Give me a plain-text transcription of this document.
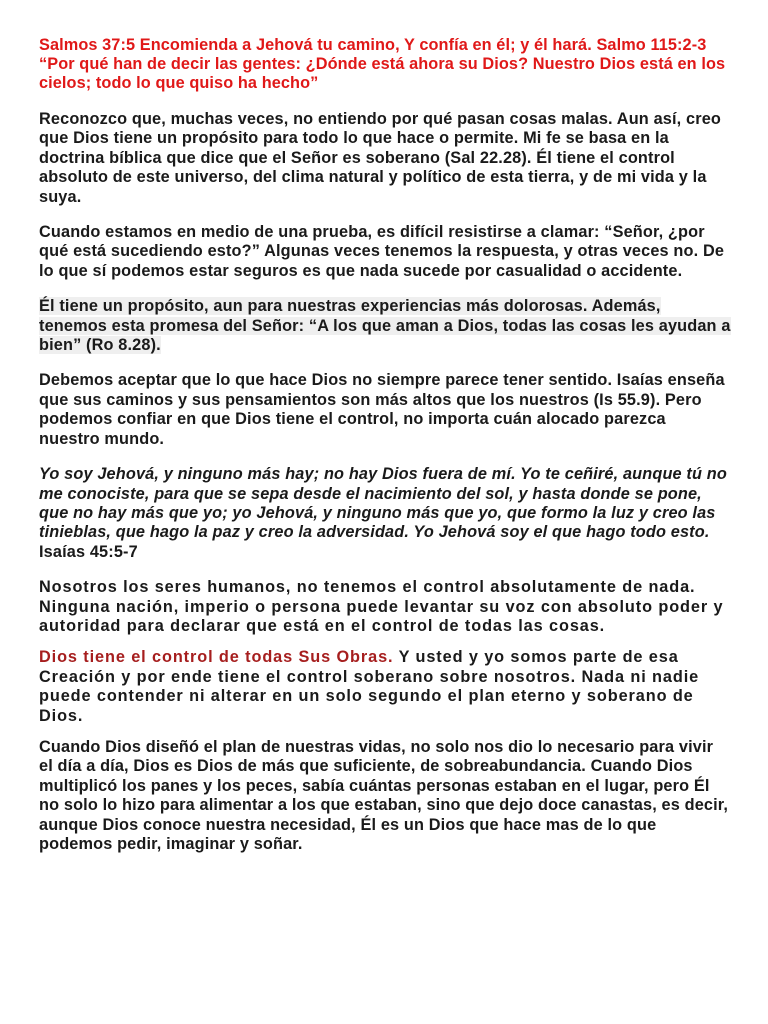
Salmos 37:5 Encomienda a Jehová tu camino, Y confía en él; y él hará. Salmo 115:2-3 “Por qué han de decir las gentes: ¿Dónde está ahora su Dios? Nuestro Dios está en los cielos; todo lo que quiso ha hecho”

Reconozco que, muchas veces, no entiendo por qué pasan cosas malas. Aun así, creo que Dios tiene un propósito para todo lo que hace o permite. Mi fe se basa en la doctrina bíblica que dice que el Señor es soberano (Sal 22.28). Él tiene el control absoluto de este universo, del clima natural y político de esta tierra, y de mi vida y la suya.

Cuando estamos en medio de una prueba, es difícil resistirse a clamar: “Señor, ¿por qué está sucediendo esto?” Algunas veces tenemos la respuesta, y otras veces no. De lo que sí podemos estar seguros es que nada sucede por casualidad o accidente.

Él tiene un propósito, aun para nuestras experiencias más dolorosas. Además, tenemos esta promesa del Señor: “A los que aman a Dios, todas las cosas les ayudan a bien” (Ro 8.28).

Debemos aceptar que lo que hace Dios no siempre parece tener sentido. Isaías enseña que sus caminos y sus pensamientos son más altos que los nuestros (Is 55.9). Pero podemos confiar en que Dios tiene el control, no importa cuán alocado parezca nuestro mundo.

Yo soy Jehová, y ninguno más hay; no hay Dios fuera de mí. Yo te ceñiré, aunque tú no me conociste, para que se sepa desde el nacimiento del sol, y hasta donde se pone, que no hay más que yo; yo Jehová, y ninguno más que yo, que formo la luz y creo las tinieblas, que hago la paz y creo la adversidad. Yo Jehová soy el que hago todo esto. Isaías 45:5-7

Nosotros los seres humanos, no tenemos el control absolutamente de nada. Ninguna nación, imperio o persona puede levantar su voz con absoluto poder y autoridad para declarar que está en el control de todas las cosas.

Dios tiene el control de todas Sus Obras. Y usted y yo somos parte de esa Creación y por ende tiene el control soberano sobre nosotros. Nada ni nadie puede contender ni alterar en un solo segundo el plan eterno y soberano de Dios.

Cuando Dios diseñó el plan de nuestras vidas, no solo nos dio lo necesario para vivir el día a día, Dios es Dios de más que suficiente, de sobreabundancia. Cuando Dios multiplicó los panes y los peces, sabía cuántas personas estaban en el lugar, pero Él no solo lo hizo para alimentar a los que estaban, sino que dejo doce canastas, es decir, aunque Dios conoce nuestra necesidad, Él es un Dios que hace mas de lo que podemos pedir, imaginar y soñar.
